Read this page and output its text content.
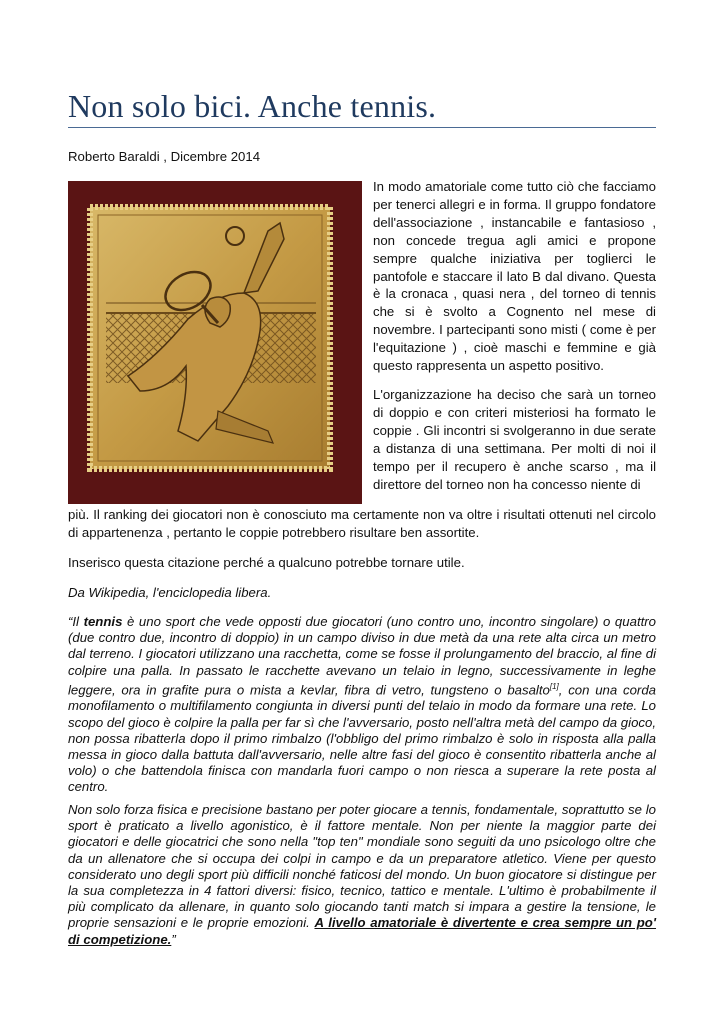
Non solo bici. Anche tennis.
Roberto Baraldi , Dicembre 2014

In modo amatoriale come tutto ciò che facciamo per tenerci allegri e in forma. Il gruppo fondatore dell'associazione , instancabile e fantasioso , non concede tregua agli amici e propone sempre qualche iniziativa per toglierci le pantofole e staccare il lato B dal divano. Questa è la cronaca , quasi nera , del torneo di tennis che si è svolto a Cognento nel mese di novembre. I partecipanti sono misti ( come è per l'equitazione ) , cioè maschi e femmine e già questo rappresenta un aspetto positivo.

L'organizzazione ha deciso che sarà un torneo di doppio e con criteri misteriosi ha formato le coppie . Gli incontri si svolgeranno in due serate a distanza di una settimana. Per molti di noi il tempo per il recupero è anche scarso , ma il direttore del torneo non ha concesso niente di

più. Il ranking dei giocatori non è conosciuto ma certamente non va oltre i risultati ottenuti nel circolo di appartenenza , pertanto le coppie potrebbero risultare ben assortite.

Inserisco questa citazione perché a qualcuno potrebbe tornare utile.

Da Wikipedia, l'enciclopedia libera.

“Il tennis è uno sport che vede opposti due giocatori (uno contro uno, incontro singolare) o quattro (due contro due, incontro di doppio) in un campo diviso in due metà da una rete alta circa un metro dal terreno. I giocatori utilizzano una racchetta, come se fosse il prolungamento del braccio, al fine di colpire una palla. In passato le racchette avevano un telaio in legno, successivamente in leghe leggere, ora in grafite pura o mista a kevlar, fibra di vetro, tungsteno o basalto[1], con una corda monofilamento o multifilamento congiunta in diversi punti del telaio in modo da formare una rete. Lo scopo del gioco è colpire la palla per far sì che l'avversario, posto nell'altra metà del campo da gioco, non possa ribatterla dopo il primo rimbalzo (l'obbligo del primo rimbalzo è solo in risposta alla palla messa in gioco dalla battuta dall'avversario, nelle altre fasi del gioco è consentito ribatterla anche al volo) o che battendola finisca con mandarla fuori campo o non riesca a superare la rete posta al centro.

Non solo forza fisica e precisione bastano per poter giocare a tennis, fondamentale, soprattutto se lo sport è praticato a livello agonistico, è il fattore mentale. Non per niente la maggior parte dei giocatori e delle giocatrici che sono nella "top ten" mondiale sono seguiti da uno psicologo oltre che da un allenatore che si occupa dei colpi in campo e da un preparatore atletico. Viene per questo considerato uno degli sport più difficili nonché faticosi del mondo. Un buon giocatore si distingue per la sua completezza in 4 fattori diversi: fisico, tecnico, tattico e mentale. L'ultimo è probabilmente il più complicato da allenare, in quanto solo giocando tanti match si impara a gestire la tensione, le proprie sensazioni e le proprie emozioni. A livello amatoriale è divertente e crea sempre un po' di competizione.”
